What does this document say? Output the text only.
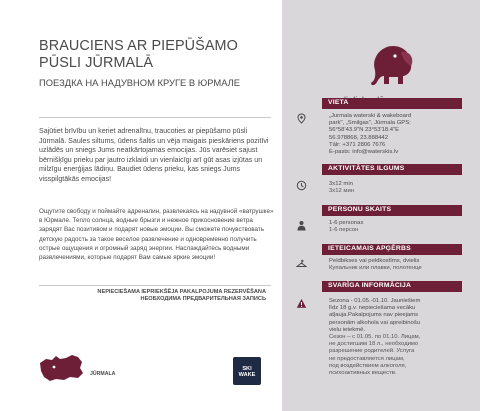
BRAUCIENS AR PIEPŪŠAMO
PŪSLI JŪRMALĀ
ПОЕЗДКА НА НАДУВНОМ КРУГЕ В ЮРМАЛЕ

Sajūtiet brīvību un keriet adrenalīnu, traucoties ar piepūšamo pūsli Jūrmalā. Saules siltums, ūdens šaltis un vēja maigais pieskāriens pozitīvi uzlādēs un sniegs Jums neatkārtojamas emocijas. Jūs varēsiet sajust bērnišķīgu prieku par jautro izklaidi un vienlaicīgi arī gūt asas izjūtas un milzīgu enerģijas lādiņu. Baudiet ūdens prieku, kas sniegs Jums visspilgtākās emocijas!

Ощутите свободу и поймайте адреналин, развлекаясь на надувной «ватрушке» в Юрмале. Тепло солнца, водные брызги и нежное прикосновение ветра зарядят Вас позитивом и подарят новые эмоции. Вы сможете почувствовать детскую радость за такое веселое развлечение и одновременно получить острые ощущения и огромный заряд энергии. Наслаждайтесь водными развлечениями, которые подарят Вам самые яркие эмоции!

NEPIECIEŠAMA IEPRIEKŠĒJA PAKALPOJUMA REZERVĒŠANA
НЕОБХОДИМА ПРЕДВАРИТЕЛЬНАЯ ЗАПИСЬ
JŪRMALA
SKI
WAKE
VIETA
„Jurmala waterski & wakeboard
park", „Smilgas", Jūrmala GPS:
56°58'43.9"N 23°53'18.4"E
56.978868, 23.888442
Tālr: +371 2806 7676
E-pasts: info@waterskis.lv
AKTIVITĀTES ILGUMS
3x12 min
3x12 мин
PERSONU SKAITS
1-6 personas
1-6 персон
IETEICAMAIS APĢĒRBS
Peldbikses vai peldkostīms, dvielis
Купальник или плавки, полотенце
SVARĪGA INFORMĀCIJA
Sezona - 01.05.-01.10. Jauniešiem
līdz 18 g.v. nepieciešama vecāku
atļauja.Pakalpojums nav pieejams
personām alkohola vai apreibinošu
vielu ietekmē.
Сезон – с 01.05. по 01.10. Лицам,
не достигшим 18 л., необходимо
разрешение родителей. Услуга
не предоставляется лицам,
под воздействием алкоголя,
психоактивных веществ.
